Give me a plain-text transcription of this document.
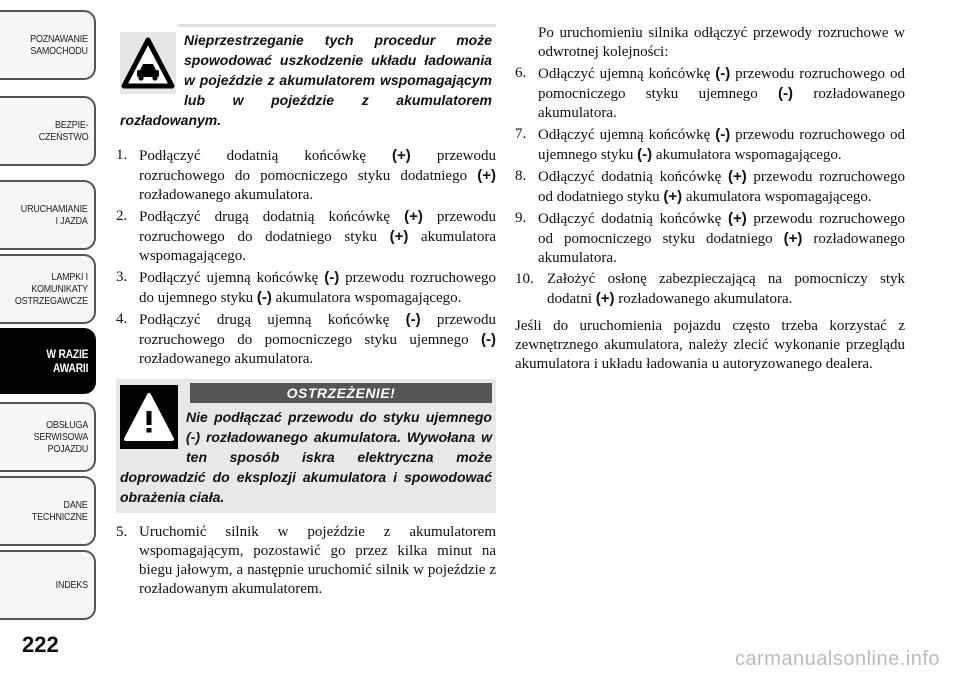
POZNAWANIE
SAMOCHODU
BEZPIE-
CZEŃSTWO
URUCHAMIANIE
I JAZDA
LAMPKI I
KOMUNIKATY
OSTRZEGAWCZE
W RAZIE
AWARII
OBSŁUGA
SERWISOWA
POJAZDU
DANE
TECHNICZNE
INDEKS
222
Nieprzestrzeganie tych procedur może spowodować uszkodzenie układu ładowania w pojeździe z akumulatorem wspomagającym lub w pojeździe z akumulatorem rozładowanym.
1. Podłączyć dodatnią końcówkę (+) przewodu rozruchowego do pomocniczego styku dodatniego (+) rozładowanego akumulatora.
2. Podłączyć drugą dodatnią końcówkę (+) przewodu rozruchowego do dodatniego styku (+) akumulatora wspomagającego.
3. Podłączyć ujemną końcówkę (-) przewodu rozruchowego do ujemnego styku (-) akumulatora wspomagającego.
4. Podłączyć drugą ujemną końcówkę (-) przewodu rozruchowego do pomocniczego styku ujemnego (-) rozładowanego akumulatora.
OSTRZEŻENIE!
Nie podłączać przewodu do styku ujemnego (-) rozładowanego akumulatora. Wywołana w ten sposób iskra elektryczna może doprowadzić do eksplozji akumulatora i spowodować obrażenia ciała.
5. Uruchomić silnik w pojeździe z akumulatorem wspomagającym, pozostawić go przez kilka minut na biegu jałowym, a następnie uruchomić silnik w pojeździe z rozładowanym akumulatorem.

Po uruchomieniu silnika odłączyć przewody rozruchowe w odwrotnej kolejności:

6. Odłączyć ujemną końcówkę (-) przewodu rozruchowego od pomocniczego styku ujemnego (-) rozładowanego akumulatora.
7. Odłączyć ujemną końcówkę (-) przewodu rozruchowego od ujemnego styku (-) akumulatora wspomagającego.
8. Odłączyć dodatnią końcówkę (+) przewodu rozruchowego od dodatniego styku (+) akumulatora wspomagającego.
9. Odłączyć dodatnią końcówkę (+) przewodu rozruchowego od pomocniczego styku dodatniego (+) rozładowanego akumulatora.
10. Założyć osłonę zabezpieczającą na pomocniczy styk dodatni (+) rozładowanego akumulatora.

Jeśli do uruchomienia pojazdu często trzeba korzystać z zewnętrznego akumulatora, należy zlecić wykonanie przeglądu akumulatora i układu ładowania u autoryzowanego dealera.

carmanualsonline.info
